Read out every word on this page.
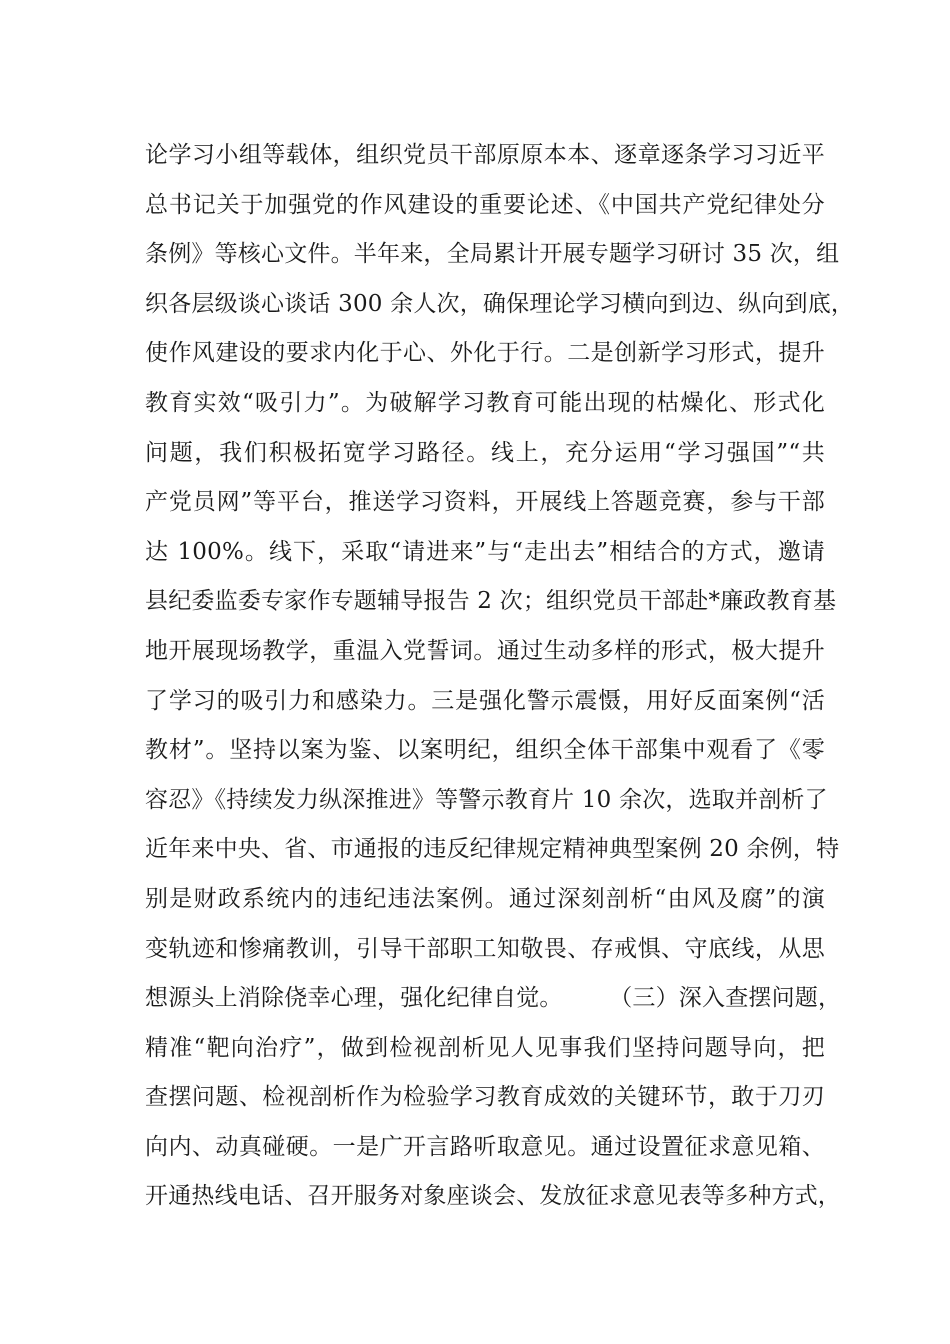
论学习小组等载体，组织党员干部原原本本、逐章逐条学习习近平
总书记关于加强党的作风建设的重要论述、《中国共产党纪律处分
条例》等核心文件。半年来，全局累计开展专题学习研讨 35 次，组
织各层级谈心谈话 300 余人次，确保理论学习横向到边、纵向到底，
使作风建设的要求内化于心、外化于行。二是创新学习形式，提升
教育实效“吸引力”。为破解学习教育可能出现的枯燥化、形式化
问题，我们积极拓宽学习路径。线上，充分运用“学习强国”“共
产党员网”等平台，推送学习资料，开展线上答题竞赛，参与干部
达 100%。线下，采取“请进来”与“走出去”相结合的方式，邀请
县纪委监委专家作专题辅导报告 2 次；组织党员干部赴*廉政教育基
地开展现场教学，重温入党誓词。通过生动多样的形式，极大提升
了学习的吸引力和感染力。三是强化警示震慑，用好反面案例“活
教材”。坚持以案为鉴、以案明纪，组织全体干部集中观看了《零
容忍》《持续发力纵深推进》等警示教育片 10 余次，选取并剖析了
近年来中央、省、市通报的违反纪律规定精神典型案例 20 余例，特
别是财政系统内的违纪违法案例。通过深刻剖析“由风及腐”的演
变轨迹和惨痛教训，引导干部职工知敬畏、存戒惧、守底线，从思
想源头上消除侥幸心理，强化纪律自觉。　　　（三）深入查摆问题，
精准“靶向治疗”，做到检视剖析见人见事我们坚持问题导向，把
查摆问题、检视剖析作为检验学习教育成效的关键环节，敢于刀刃
向内、动真碰硬。一是广开言路听取意见。通过设置征求意见箱、
开通热线电话、召开服务对象座谈会、发放征求意见表等多种方式，
